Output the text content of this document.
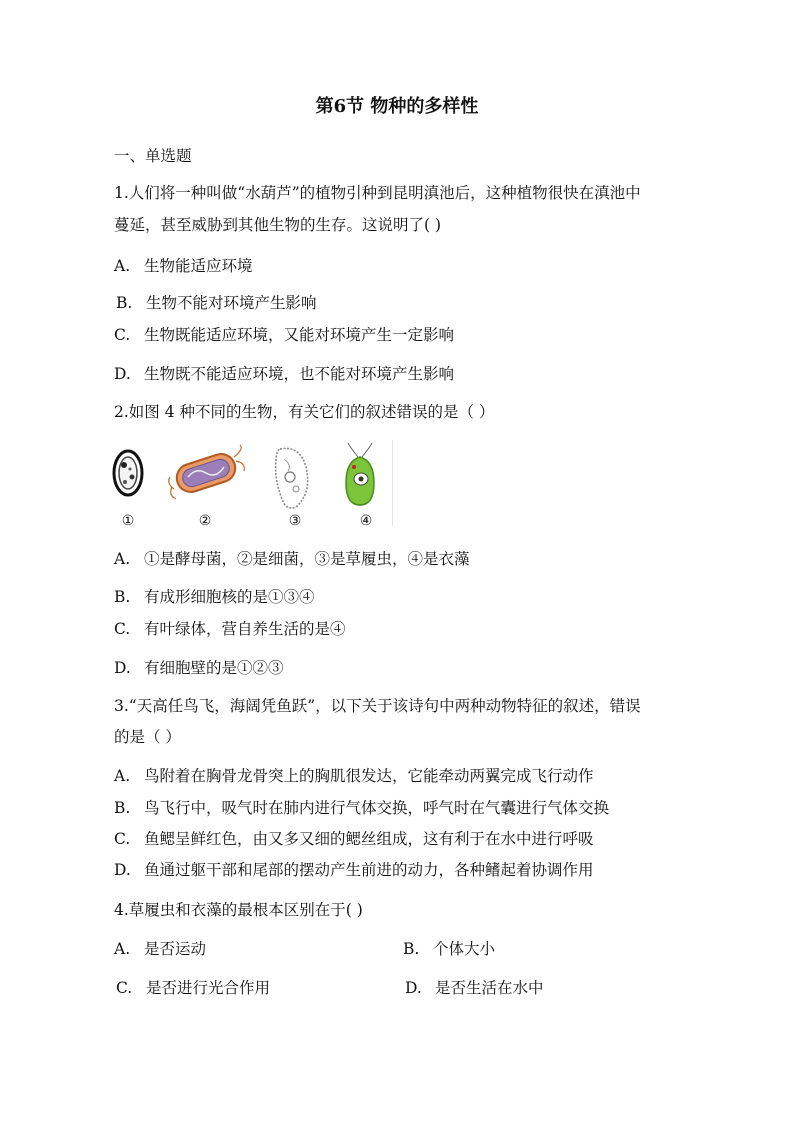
第6节 物种的多样性
一、单选题
1.人们将一种叫做“水葫芦”的植物引种到昆明滇池后，这种植物很快在滇池中
蔓延，甚至威胁到其他生物的生存。这说明了( )
A. 生物能适应环境
B. 生物不能对环境产生影响
C. 生物既能适应环境，又能对环境产生一定影响
D. 生物既不能适应环境，也不能对环境产生影响
2.如图 4 种不同的生物，有关它们的叙述错误的是（ ）
①	②	③	④
A. ①是酵母菌，②是细菌，③是草履虫，④是衣藻
B. 有成形细胞核的是①③④
C. 有叶绿体，营自养生活的是④
D. 有细胞壁的是①②③
3.“天高任鸟飞，海阔凭鱼跃”，以下关于该诗句中两种动物特征的叙述，错误
的是（ ）
A. 鸟附着在胸骨龙骨突上的胸肌很发达，它能牵动两翼完成飞行动作
B. 鸟飞行中，吸气时在肺内进行气体交换，呼气时在气囊进行气体交换
C. 鱼鳃呈鲜红色，由又多又细的鳃丝组成，这有利于在水中进行呼吸
D. 鱼通过躯干部和尾部的摆动产生前进的动力，各种鳍起着协调作用
4.草履虫和衣藻的最根本区别在于( )
A. 是否运动	B. 个体大小
C. 是否进行光合作用	D. 是否生活在水中
